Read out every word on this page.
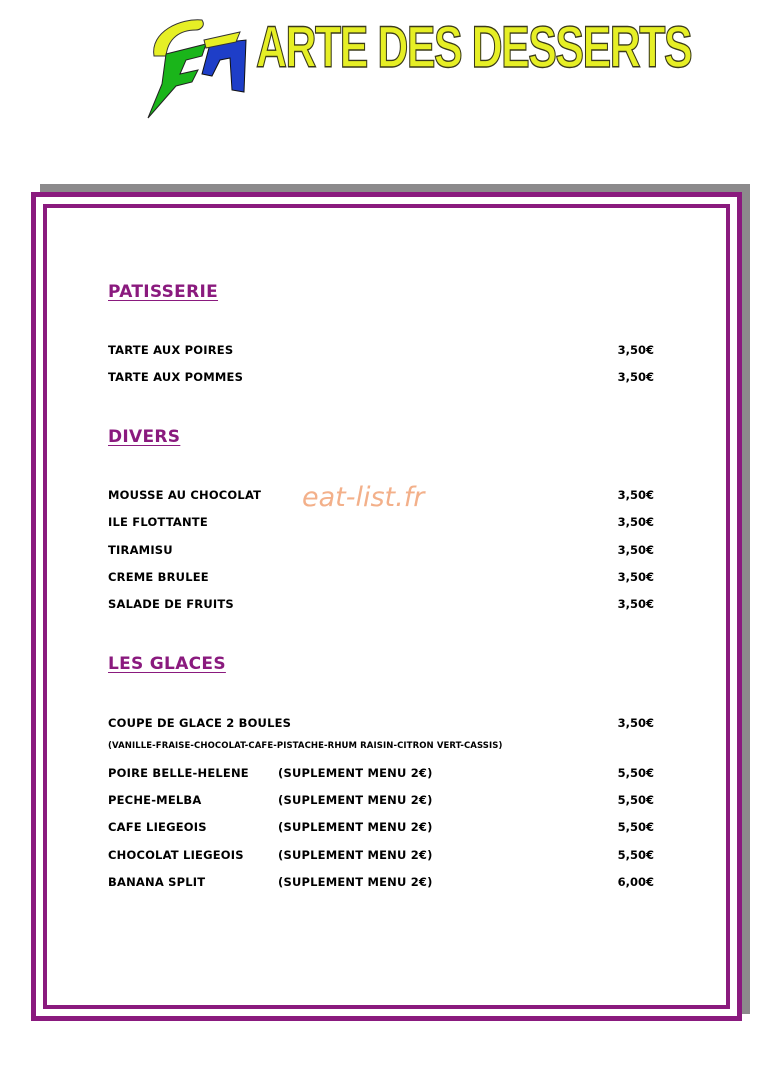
ARTE DES DESSERTS
PATISSERIE
TARTE AUX POIRES	3,50€
TARTE AUX POMMES	3,50€
DIVERS
MOUSSE AU CHOCOLAT	3,50€
ILE FLOTTANTE	3,50€
TIRAMISU	3,50€
CREME BRULEE	3,50€
SALADE DE FRUITS	3,50€
LES GLACES
COUPE DE GLACE 2 BOULES	3,50€
(VANILLE-FRAISE-CHOCOLAT-CAFE-PISTACHE-RHUM RAISIN-CITRON VERT-CASSIS)
POIRE BELLE-HELENE	(SUPLEMENT MENU 2€)	5,50€
PECHE-MELBA	(SUPLEMENT MENU 2€)	5,50€
CAFE LIEGEOIS	(SUPLEMENT MENU 2€)	5,50€
CHOCOLAT LIEGEOIS	(SUPLEMENT MENU 2€)	5,50€
BANANA SPLIT	(SUPLEMENT MENU 2€)	6,00€
eat-list.fr
